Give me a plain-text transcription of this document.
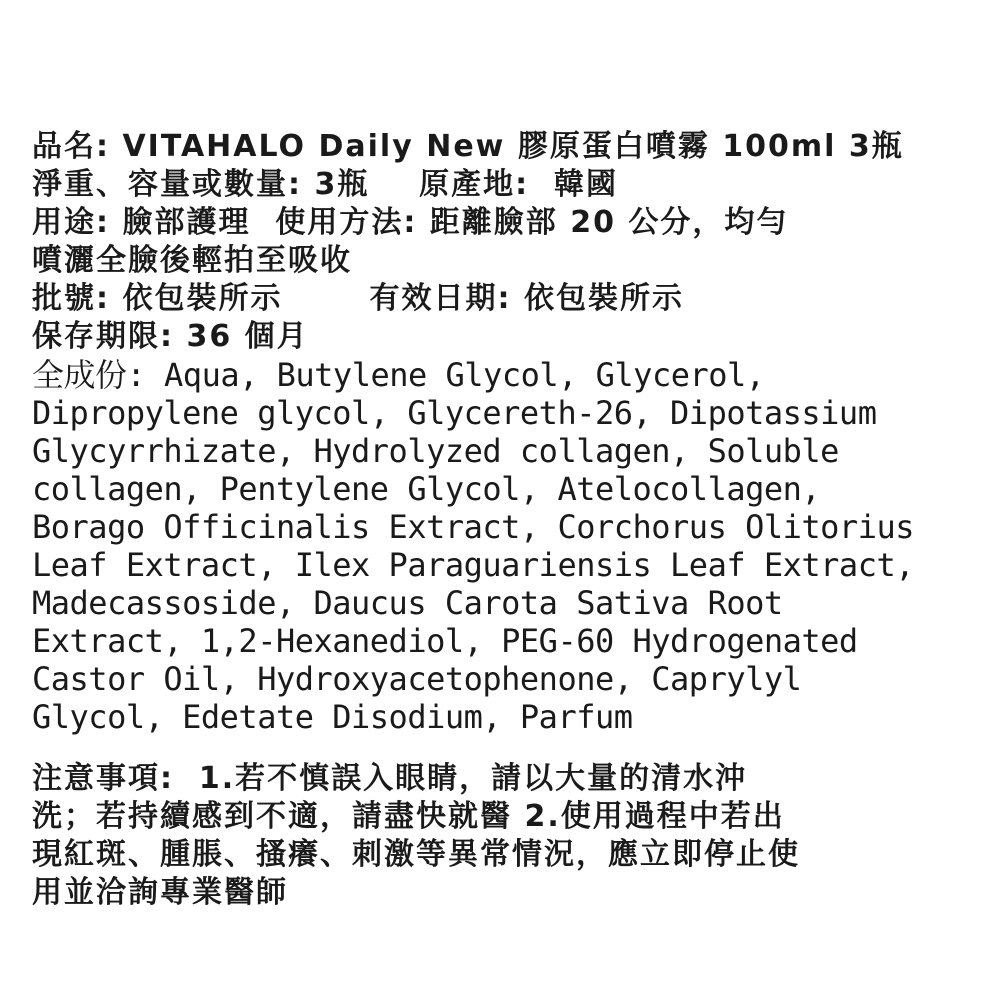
品名: VITAHALO Daily New 膠原蛋白噴霧 100ml 3瓶
淨重、容量或數量: 3瓶    原產地:  韓國
用途: 臉部護理  使用方法: 距離臉部 20 公分，均勻
噴灑全臉後輕拍至吸收
批號: 依包裝所示       有效日期: 依包裝所示
保存期限: 36 個月
全成份: Aqua, Butylene Glycol, Glycerol,
Dipropylene glycol, Glycereth-26, Dipotassium
Glycyrrhizate, Hydrolyzed collagen, Soluble
collagen, Pentylene Glycol, Atelocollagen,
Borago Officinalis Extract, Corchorus Olitorius
Leaf Extract, Ilex Paraguariensis Leaf Extract,
Madecassoside, Daucus Carota Sativa Root
Extract, 1,2-Hexanediol, PEG-60 Hydrogenated
Castor Oil, Hydroxyacetophenone, Caprylyl
Glycol, Edetate Disodium, Parfum
注意事項:  1.若不慎誤入眼睛，請以大量的清水沖
洗；若持續感到不適，請盡快就醫 2.使用過程中若出
現紅斑、腫脹、搔癢、刺激等異常情況，應立即停止使
用並洽詢專業醫師
